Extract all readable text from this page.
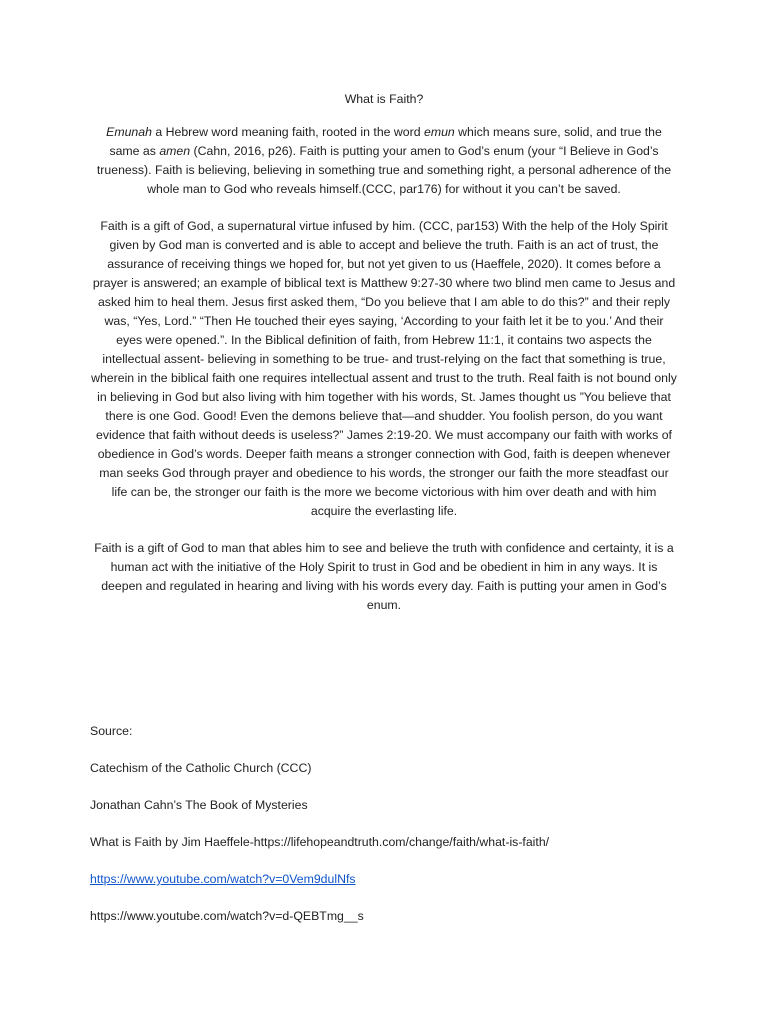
What is Faith?

Emunah a Hebrew word meaning faith, rooted in the word emun which means sure, solid, and true the same as amen (Cahn, 2016, p26). Faith is putting your amen to God’s enum (your “I Believe in God’s trueness). Faith is believing, believing in something true and something right, a personal adherence of the whole man to God who reveals himself.(CCC, par176) for without it you can’t be saved.

Faith is a gift of God, a supernatural virtue infused by him. (CCC, par153) With the help of the Holy Spirit given by God man is converted and is able to accept and believe the truth. Faith is an act of trust, the assurance of receiving things we hoped for, but not yet given to us (Haeffele, 2020). It comes before a prayer is answered; an example of biblical text is Matthew 9:27-30 where two blind men came to Jesus and asked him to heal them. Jesus first asked them, “Do you believe that I am able to do this?” and their reply was, “Yes, Lord.” “Then He touched their eyes saying, ‘According to your faith let it be to you.’ And their eyes were opened.”. In the Biblical definition of faith, from Hebrew 11:1, it contains two aspects the intellectual assent- believing in something to be true- and trust-relying on the fact that something is true, wherein in the biblical faith one requires intellectual assent and trust to the truth. Real faith is not bound only in believing in God but also living with him together with his words, St. James thought us ”You believe that there is one God. Good! Even the demons believe that—and shudder. You foolish person, do you want evidence that faith without deeds is useless?” James 2:19-20. We must accompany our faith with works of obedience in God’s words. Deeper faith means a stronger connection with God, faith is deepen whenever man seeks God through prayer and obedience to his words, the stronger our faith the more steadfast our life can be, the stronger our faith is the more we become victorious with him over death and with him acquire the everlasting life.

Faith is a gift of God to man that ables him to see and believe the truth with confidence and certainty, it is a human act with the initiative of the Holy Spirit to trust in God and be obedient in him in any ways. It is deepen and regulated in hearing and living with his words every day. Faith is putting your amen in God’s enum.

Source:
Catechism of the Catholic Church (CCC)
Jonathan Cahn’s The Book of Mysteries
What is Faith by Jim Haeffele-https://lifehopeandtruth.com/change/faith/what-is-faith/
https://www.youtube.com/watch?v=0Vem9dulNfs
https://www.youtube.com/watch?v=d-QEBTmg__s
